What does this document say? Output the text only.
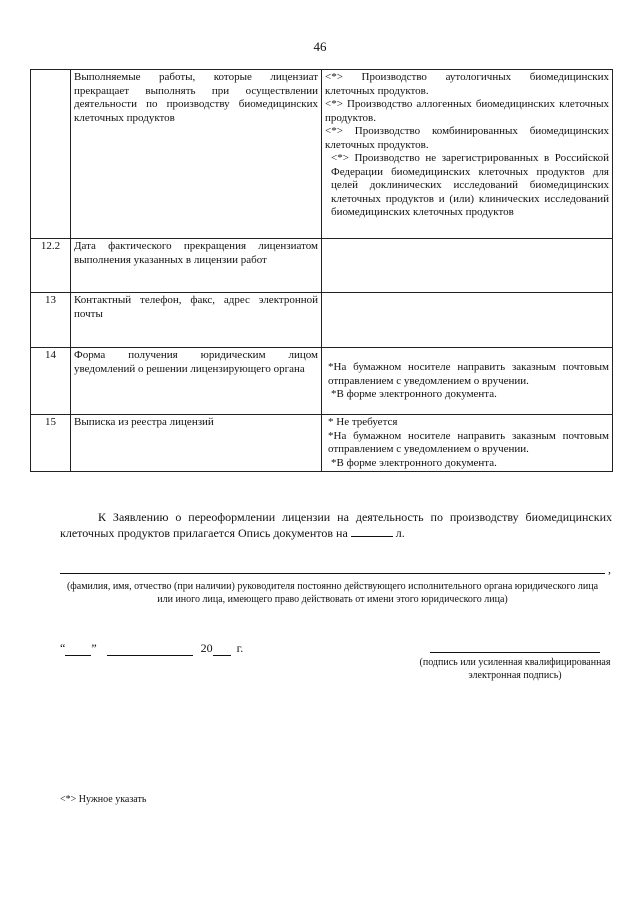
46
	Выполняемые работы, которые лицензиат прекращает выполнять при осуществлении деятельности по производству биомедицинских клеточных продуктов	<*> Производство аутологичных биомедицинских клеточных продуктов.
<*> Производство аллогенных биомедицинских клеточных продуктов.
<*> Производство комбинированных биомедицинских клеточных продуктов.
<*> Производство не зарегистрированных в Российской Федерации биомедицинских клеточных продуктов для целей доклинических исследований биомедицинских клеточных продуктов и (или) клинических исследований биомедицинских клеточных продуктов

12.2	Дата фактического прекращения лицензиатом выполнения указанных в лицензии работ	
13	Контактный телефон, факс, адрес электронной почты	
14	Форма получения юридическим лицом уведомлений о решении лицензирующего органа	*На бумажном носителе направить заказным почтовым отправлением с уведомлением о вручении.
*В форме электронного документа.

15	Выписка из реестра лицензий	* Не требуется
*На бумажном носителе направить заказным почтовым отправлением с уведомлением о вручении.
*В форме электронного документа.
К Заявлению о переоформлении лицензии на деятельность по производству биомедицинских клеточных продуктов прилагается Опись документов на	л.
,
(фамилия, имя, отчество (при наличии) руководителя постоянно действующего исполнительного органа юридического лица или иного лица, имеющего право действовать от имени этого юридического лица)
“ ”	20 г.
(подпись или усиленная квалифицированная электронная подпись)
<*> Нужное указать
